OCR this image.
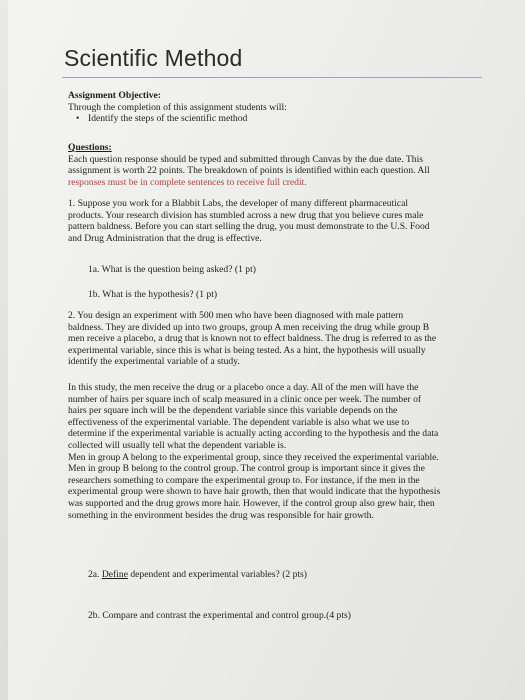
Scientific Method
Assignment Objective:
Through the completion of this assignment students will:
• Identify the steps of the scientific method
Questions:
Each question response should be typed and submitted through Canvas by the due date. This
assignment is worth 22 points. The breakdown of points is identified within each question. All
responses must be in complete sentences to receive full credit.
1. Suppose you work for a Blabbit Labs, the developer of many different pharmaceutical
products. Your research division has stumbled across a new drug that you believe cures male
pattern baldness. Before you can start selling the drug, you must demonstrate to the U.S. Food
and Drug Administration that the drug is effective.
1a. What is the question being asked? (1 pt)
1b. What is the hypothesis? (1 pt)
2. You design an experiment with 500 men who have been diagnosed with male pattern
baldness. They are divided up into two groups, group A men receiving the drug while group B
men receive a placebo, a drug that is known not to effect baldness. The drug is referred to as the
experimental variable, since this is what is being tested. As a hint, the hypothesis will usually
identify the experimental variable of a study.
In this study, the men receive the drug or a placebo once a day. All of the men will have the
number of hairs per square inch of scalp measured in a clinic once per week. The number of
hairs per square inch will be the dependent variable since this variable depends on the
effectiveness of the experimental variable. The dependent variable is also what we use to
determine if the experimental variable is actually acting according to the hypothesis and the data
collected will usually tell what the dependent variable is.
Men in group A belong to the experimental group, since they received the experimental variable.
Men in group B belong to the control group. The control group is important since it gives the
researchers something to compare the experimental group to. For instance, if the men in the
experimental group were shown to have hair growth, then that would indicate that the hypothesis
was supported and the drug grows more hair. However, if the control group also grew hair, then
something in the environment besides the drug was responsible for hair growth.
2a. Define dependent and experimental variables? (2 pts)
2b. Compare and contrast the experimental and control group.(4 pts)
